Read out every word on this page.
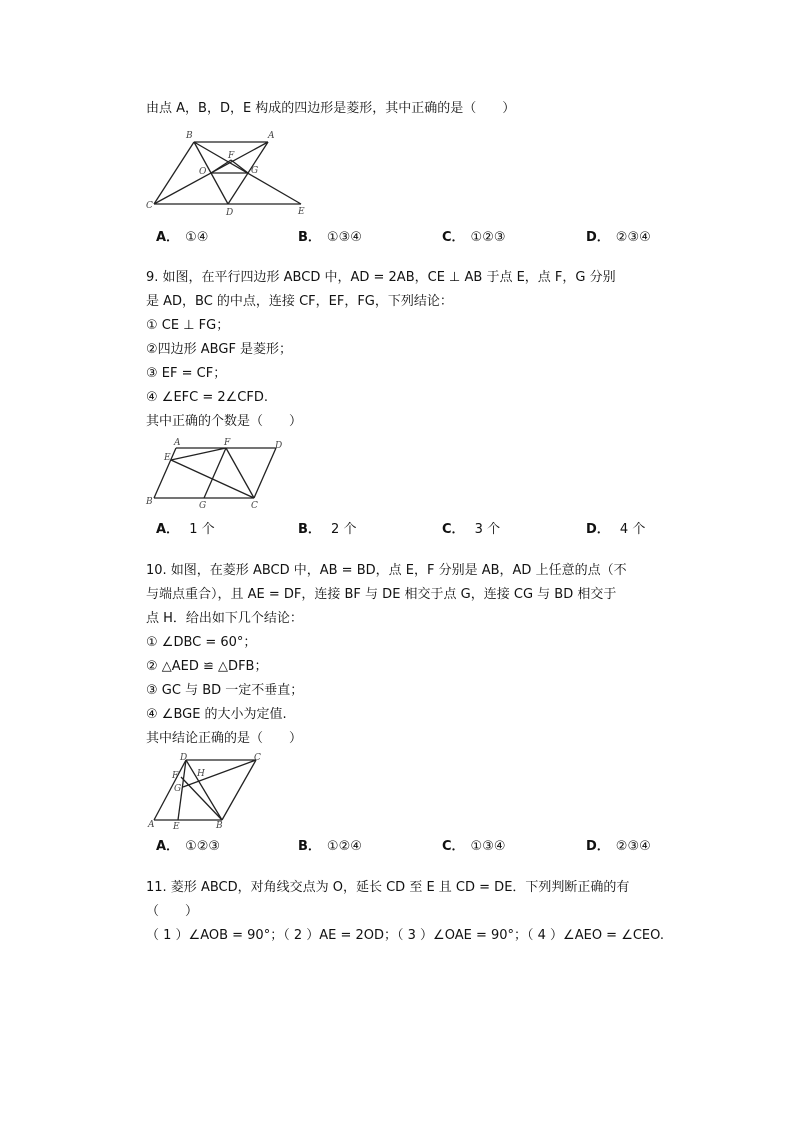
由点 A，B，D，E 构成的四边形是菱形，其中正确的是（　　）
B	A
F
O	G
C
D	E
A． ①④	B． ①③④	C． ①②③	D． ②③④
9. 如图，在平行四边形 ABCD 中，AD = 2AB，CE ⊥ AB 于点 E，点 F，G 分别
是 AD，BC 的中点，连接 CF，EF，FG，下列结论：
① CE ⊥ FG；
②四边形 ABGF 是菱形；
③ EF = CF；
④ ∠EFC = 2∠CFD.
其中正确的个数是（　　）
A	F	D
E
B	G	C
A． 1 个	B． 2 个	C． 3 个	D． 4 个
10. 如图，在菱形 ABCD 中，AB = BD，点 E，F 分别是 AB，AD 上任意的点（不
与端点重合），且 AE = DF，连接 BF 与 DE 相交于点 G，连接 CG 与 BD 相交于
点 H．给出如下几个结论：
① ∠DBC = 60°；
② △AED ≌ △DFB；
③ GC 与 BD 一定不垂直；
④ ∠BGE 的大小为定值.
其中结论正确的是（　　）
D	C
F H
G
A E	B
A． ①②③	B． ①②④	C． ①③④	D． ②③④
11. 菱形 ABCD，对角线交点为 O，延长 CD 至 E 且 CD = DE．下列判断正确的有
（　　）
（ 1 ）∠AOB = 90°；（ 2 ）AE = 2OD；（ 3 ）∠OAE = 90°；（ 4 ）∠AEO = ∠CEO.
